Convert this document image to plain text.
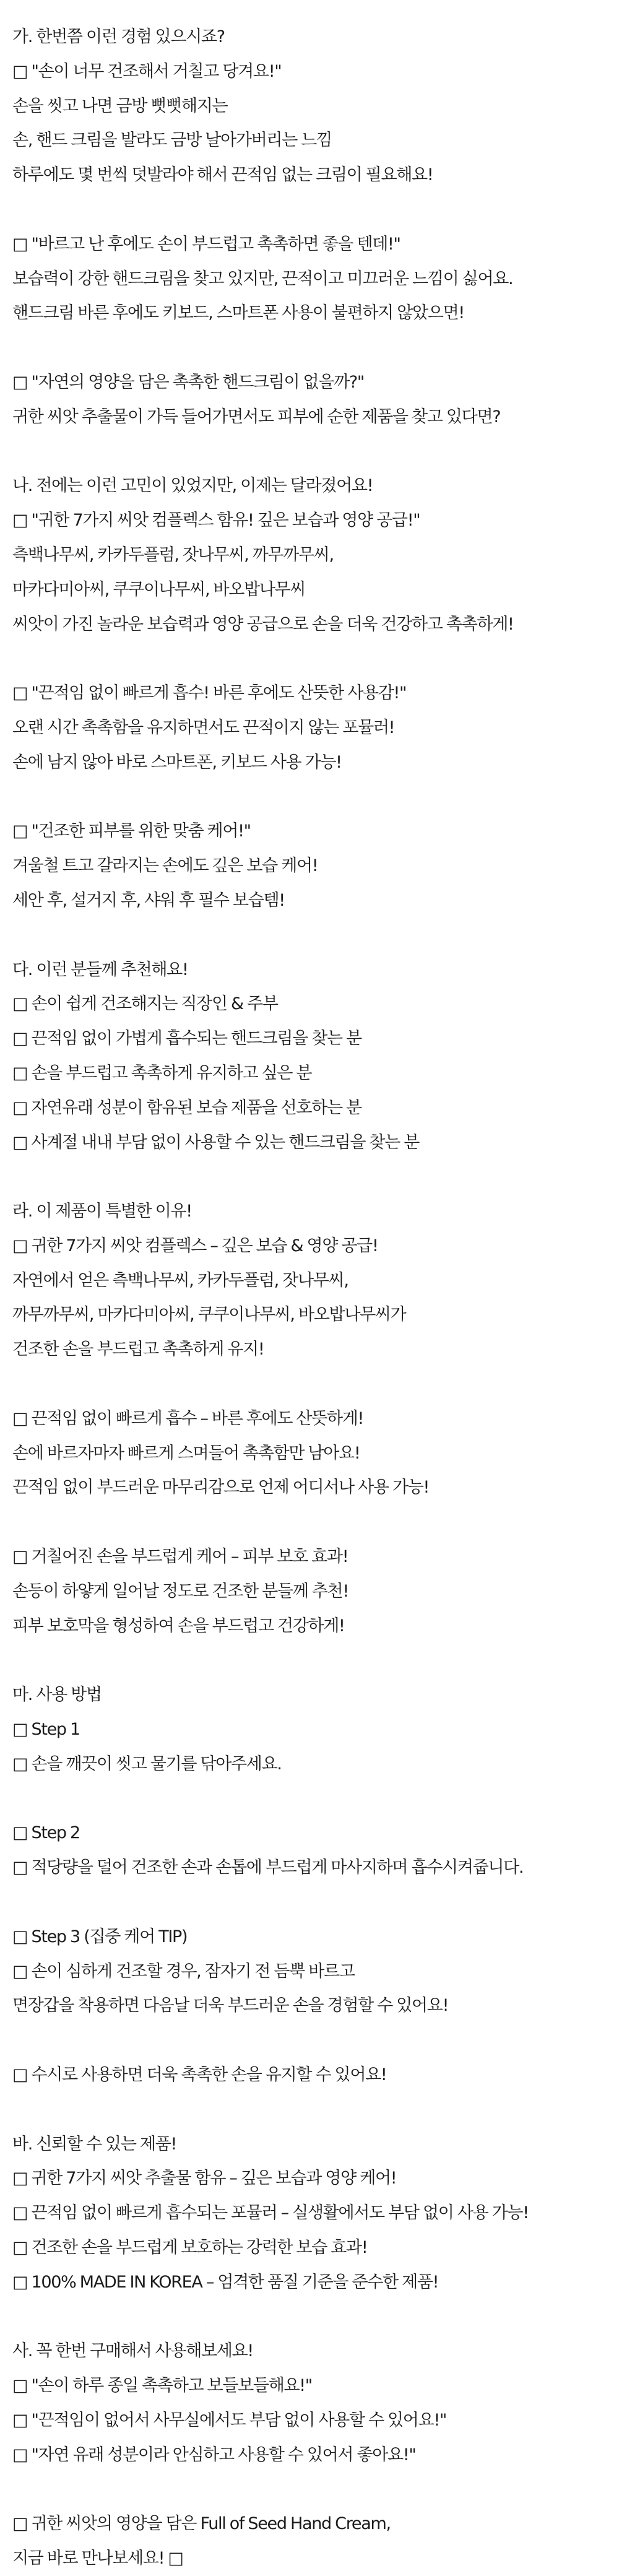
가. 한번쯤 이런 경험 있으시죠?
□ "손이 너무 건조해서 거칠고 당겨요!"
손을 씻고 나면 금방 뻣뻣해지는
손, 핸드 크림을 발라도 금방 날아가버리는 느낌
하루에도 몇 번씩 덧발라야 해서 끈적임 없는 크림이 필요해요!
□ "바르고 난 후에도 손이 부드럽고 촉촉하면 좋을 텐데!"
보습력이 강한 핸드크림을 찾고 있지만, 끈적이고 미끄러운 느낌이 싫어요.
핸드크림 바른 후에도 키보드, 스마트폰 사용이 불편하지 않았으면!
□ "자연의 영양을 담은 촉촉한 핸드크림이 없을까?"
귀한 씨앗 추출물이 가득 들어가면서도 피부에 순한 제품을 찾고 있다면?
나. 전에는 이런 고민이 있었지만, 이제는 달라졌어요!
□ "귀한 7가지 씨앗 컴플렉스 함유! 깊은 보습과 영양 공급!"
측백나무씨, 카카두플럼, 잣나무씨, 까무까무씨,
마카다미아씨, 쿠쿠이나무씨, 바오밥나무씨
씨앗이 가진 놀라운 보습력과 영양 공급으로 손을 더욱 건강하고 촉촉하게!
□ "끈적임 없이 빠르게 흡수! 바른 후에도 산뜻한 사용감!"
오랜 시간 촉촉함을 유지하면서도 끈적이지 않는 포뮬러!
손에 남지 않아 바로 스마트폰, 키보드 사용 가능!
□ "건조한 피부를 위한 맞춤 케어!"
겨울철 트고 갈라지는 손에도 깊은 보습 케어!
세안 후, 설거지 후, 샤워 후 필수 보습템!
다. 이런 분들께 추천해요!
□ 손이 쉽게 건조해지는 직장인 & 주부
□ 끈적임 없이 가볍게 흡수되는 핸드크림을 찾는 분
□ 손을 부드럽고 촉촉하게 유지하고 싶은 분
□ 자연유래 성분이 함유된 보습 제품을 선호하는 분
□ 사계절 내내 부담 없이 사용할 수 있는 핸드크림을 찾는 분
라. 이 제품이 특별한 이유!
□ 귀한 7가지 씨앗 컴플렉스 – 깊은 보습 & 영양 공급!
자연에서 얻은 측백나무씨, 카카두플럼, 잣나무씨,
까무까무씨, 마카다미아씨, 쿠쿠이나무씨, 바오밥나무씨가
건조한 손을 부드럽고 촉촉하게 유지!
□ 끈적임 없이 빠르게 흡수 – 바른 후에도 산뜻하게!
손에 바르자마자 빠르게 스며들어 촉촉함만 남아요!
끈적임 없이 부드러운 마무리감으로 언제 어디서나 사용 가능!
□ 거칠어진 손을 부드럽게 케어 – 피부 보호 효과!
손등이 하얗게 일어날 정도로 건조한 분들께 추천!
피부 보호막을 형성하여 손을 부드럽고 건강하게!
마. 사용 방법
□ Step 1
□ 손을 깨끗이 씻고 물기를 닦아주세요.
□ Step 2
□ 적당량을 덜어 건조한 손과 손톱에 부드럽게 마사지하며 흡수시켜줍니다.
□ Step 3 (집중 케어 TIP)
□ 손이 심하게 건조할 경우, 잠자기 전 듬뿍 바르고
면장갑을 착용하면 다음날 더욱 부드러운 손을 경험할 수 있어요!
□ 수시로 사용하면 더욱 촉촉한 손을 유지할 수 있어요!
바. 신뢰할 수 있는 제품!
□ 귀한 7가지 씨앗 추출물 함유 – 깊은 보습과 영양 케어!
□ 끈적임 없이 빠르게 흡수되는 포뮬러 – 실생활에서도 부담 없이 사용 가능!
□ 건조한 손을 부드럽게 보호하는 강력한 보습 효과!
□ 100% MADE IN KOREA – 엄격한 품질 기준을 준수한 제품!
사. 꼭 한번 구매해서 사용해보세요!
□ "손이 하루 종일 촉촉하고 보들보들해요!"
□ "끈적임이 없어서 사무실에서도 부담 없이 사용할 수 있어요!"
□ "자연 유래 성분이라 안심하고 사용할 수 있어서 좋아요!"
□ 귀한 씨앗의 영양을 담은 Full of Seed Hand Cream,
지금 바로 만나보세요! □
